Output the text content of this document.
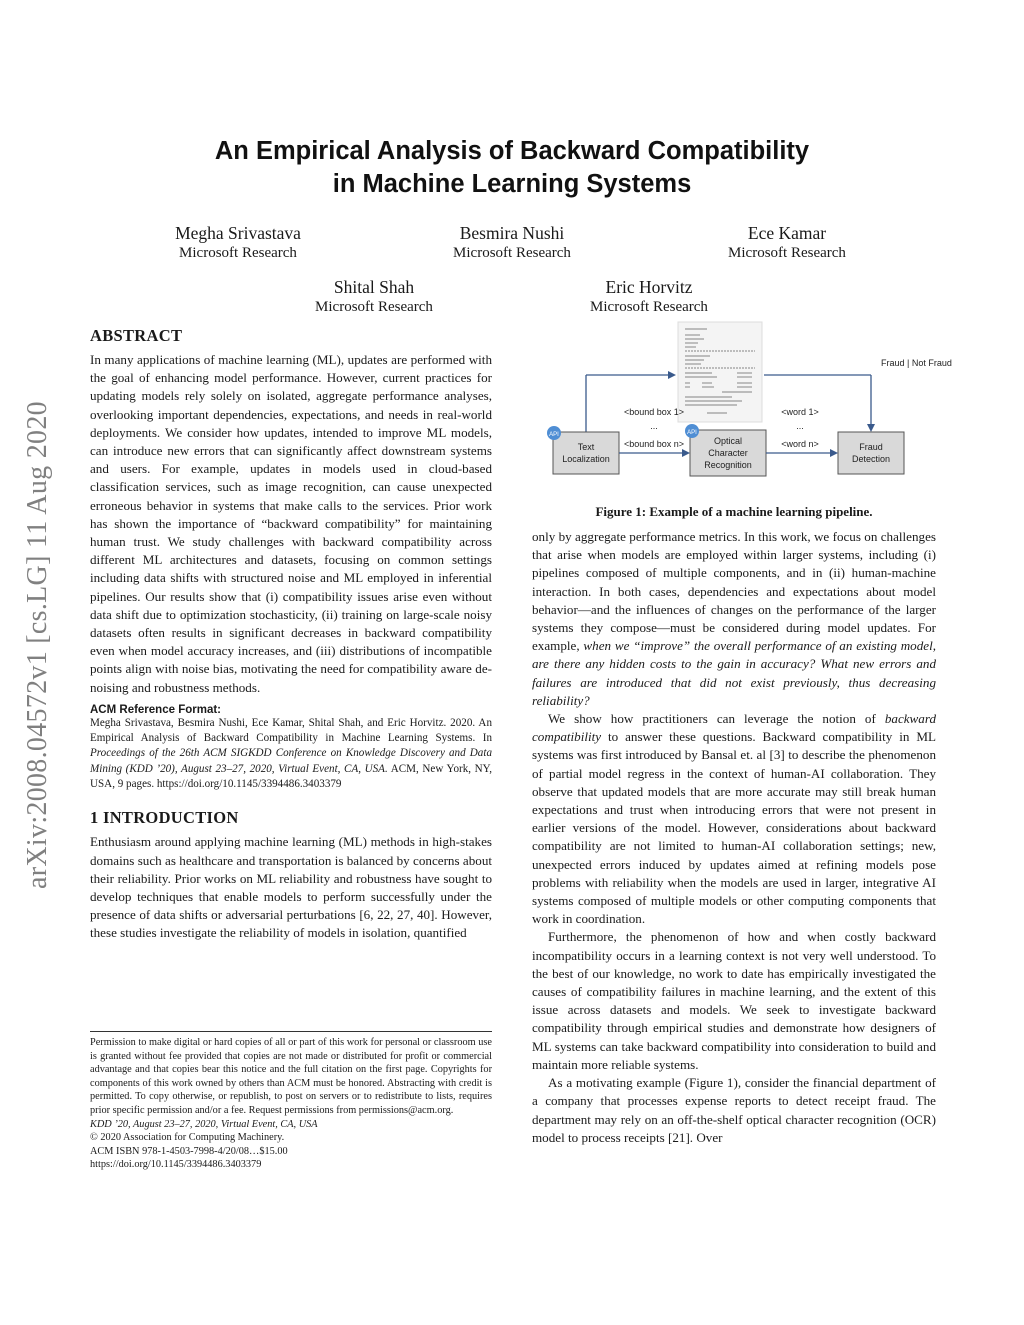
arXiv:2008.04572v1 [cs.LG] 11 Aug 2020
An Empirical Analysis of Backward Compatibility
in Machine Learning Systems
Megha Srivastava
Microsoft Research
Besmira Nushi
Microsoft Research
Ece Kamar
Microsoft Research
Shital Shah
Microsoft Research
Eric Horvitz
Microsoft Research
ABSTRACT

In many applications of machine learning (ML), updates are performed with the goal of enhancing model performance. However, current practices for updating models rely solely on isolated, aggregate performance analyses, overlooking important dependencies, expectations, and needs in real-world deployments. We consider how updates, intended to improve ML models, can introduce new errors that can significantly affect downstream systems and users. For example, updates in models used in cloud-based classification services, such as image recognition, can cause unexpected erroneous behavior in systems that make calls to the services. Prior work has shown the importance of “backward compatibility” for maintaining human trust. We study challenges with backward compatibility across different ML architectures and datasets, focusing on common settings including data shifts with structured noise and ML employed in inferential pipelines. Our results show that (i) compatibility issues arise even without data shift due to optimization stochasticity, (ii) training on large-scale noisy datasets often results in significant decreases in backward compatibility even when model accuracy increases, and (iii) distributions of incompatible points align with noise bias, motivating the need for compatibility aware de-noising and robustness methods.

ACM Reference Format:
Megha Srivastava, Besmira Nushi, Ece Kamar, Shital Shah, and Eric Horvitz. 2020. An Empirical Analysis of Backward Compatibility in Machine Learning Systems. In Proceedings of the 26th ACM SIGKDD Conference on Knowledge Discovery and Data Mining (KDD ’20), August 23–27, 2020, Virtual Event, CA, USA. ACM, New York, NY, USA, 9 pages. https://doi.org/10.1145/3394486.3403379
1 INTRODUCTION

Enthusiasm around applying machine learning (ML) methods in high-stakes domains such as healthcare and transportation is balanced by concerns about their reliability. Prior works on ML reliability and robustness have sought to develop techniques that enable models to perform successfully under the presence of data shifts or adversarial perturbations [6, 22, 27, 40]. However, these studies investigate the reliability of models in isolation, quantified

Permission to make digital or hard copies of all or part of this work for personal or classroom use is granted without fee provided that copies are not made or distributed for profit or commercial advantage and that copies bear this notice and the full citation on the first page. Copyrights for components of this work owned by others than ACM must be honored. Abstracting with credit is permitted. To copy otherwise, or republish, to post on servers or to redistribute to lists, requires prior specific permission and/or a fee. Request permissions from permissions@acm.org.
KDD ’20, August 23–27, 2020, Virtual Event, CA, USA
© 2020 Association for Computing Machinery.
ACM ISBN 978-1-4503-7998-4/20/08…$15.00
https://doi.org/10.1145/3394486.3403379
Fraud | Not Fraud
Text
Localization
Optical
Character
Recognition
Fraud
Detection
API	API
<bound box 1>
...
<bound box n>
<word 1>
...
<word n>
Figure 1: Example of a machine learning pipeline.

only by aggregate performance metrics. In this work, we focus on challenges that arise when models are employed within larger systems, including (i) pipelines composed of multiple components, and in (ii) human-machine interaction. In both cases, dependencies and expectations about model behavior—and the influences of changes on the performance of the larger systems they compose—must be considered during model updates. For example, when we “improve” the overall performance of an existing model, are there any hidden costs to the gain in accuracy? What new errors and failures are introduced that did not exist previously, thus decreasing reliability?

We show how practitioners can leverage the notion of backward compatibility to answer these questions. Backward compatibility in ML systems was first introduced by Bansal et. al [3] to describe the phenomenon of partial model regress in the context of human-AI collaboration. They observe that updated models that are more accurate may still break human expectations and trust when introducing errors that were not present in earlier versions of the model. However, considerations about backward compatibility are not limited to human-AI collaboration settings; new, unexpected errors induced by updates aimed at refining models pose problems with reliability when the models are used in larger, integrative AI systems composed of multiple models or other computing components that work in coordination.

Furthermore, the phenomenon of how and when costly backward incompatibility occurs in a learning context is not very well understood. To the best of our knowledge, no work to date has empirically investigated the causes of compatibility failures in machine learning, and the extent of this issue across datasets and models. We seek to investigate backward compatibility through empirical studies and demonstrate how designers of ML systems can take backward compatibility into consideration to build and maintain more reliable systems.

As a motivating example (Figure 1), consider the financial department of a company that processes expense reports to detect receipt fraud. The department may rely on an off-the-shelf optical character recognition (OCR) model to process receipts [21]. Over
